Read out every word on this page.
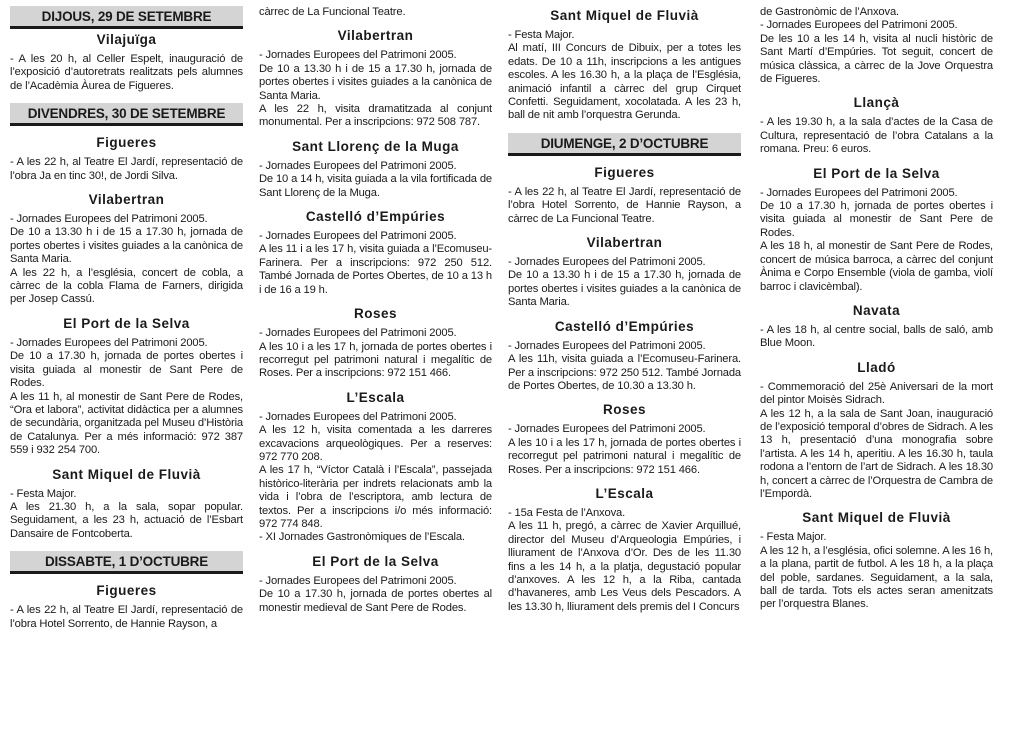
DIJOUS, 29 DE SETEMBRE
Vilajuïga

- A les 20 h, al Celler Espelt, inauguració de l’exposició d’autoretrats realitzats pels alumnes de l’Acadèmia Àurea de Figueres.

DIVENDRES, 30 DE SETEMBRE
Figueres

- A les 22 h, al Teatre El Jardí, representació de l’obra Ja en tinc 30!, de Jordi Silva.

Vilabertran

- Jornades Europees del Patrimoni 2005.
De 10 a 13.30 h i de 15 a 17.30 h, jornada de portes obertes i visites guiades a la canònica de Santa Maria.
A les 22 h, a l’església, concert de cobla, a càrrec de la cobla Flama de Farners, dirigida per Josep Cassú.

El Port de la Selva

- Jornades Europees del Patrimoni 2005.
De 10 a 17.30 h, jornada de portes obertes i visita guiada al monestir de Sant Pere de Rodes.
A les 11 h, al monestir de Sant Pere de Rodes, “Ora et labora”, activitat didàctica per a alumnes de secundària, organitzada pel Museu d’Història de Catalunya. Per a més informació: 972 387 559 i 932 254 700.

Sant Miquel de Fluvià

- Festa Major.
A les 21.30 h, a la sala, sopar popular. Seguidament, a les 23 h, actuació de l’Esbart Dansaire de Fontcoberta.

DISSABTE, 1 D’OCTUBRE
Figueres

- A les 22 h, al Teatre El Jardí, representació de l’obra Hotel Sorrento, de Hannie Rayson, a

càrrec de La Funcional Teatre.

Vilabertran

- Jornades Europees del Patrimoni 2005.
De 10 a 13.30 h i de 15 a 17.30 h, jornada de portes obertes i visites guiades a la canònica de Santa Maria.
A les 22 h, visita dramatitzada al conjunt monumental. Per a inscripcions: 972 508 787.

Sant Llorenç de la Muga

- Jornades Europees del Patrimoni 2005.
De 10 a 14 h, visita guiada a la vila fortificada de Sant Llorenç de la Muga.

Castelló d’Empúries

- Jornades Europees del Patrimoni 2005.
A les 11 i a les 17 h, visita guiada a l’Ecomuseu-Farinera. Per a inscripcions: 972 250 512. També Jornada de Portes Obertes, de 10 a 13 h i de 16 a 19 h.

Roses

- Jornades Europees del Patrimoni 2005.
A les 10 i a les 17 h, jornada de portes obertes i recorregut pel patrimoni natural i megalític de Roses. Per a inscripcions: 972 151 466.

L’Escala

- Jornades Europees del Patrimoni 2005.
A les 12 h, visita comentada a les darreres excavacions arqueològiques. Per a reserves: 972 770 208.
A les 17 h, “Víctor Català i l’Escala”, passejada històrico-literària per indrets relacionats amb la vida i l’obra de l’escriptora, amb lectura de textos. Per a inscripcions i/o més informació: 972 774 848.
- XI Jornades Gastronòmiques de l’Escala.

El Port de la Selva

- Jornades Europees del Patrimoni 2005.
De 10 a 17.30 h, jornada de portes obertes al monestir medieval de Sant Pere de Rodes.

Sant Miquel de Fluvià

- Festa Major.
Al matí, III Concurs de Dibuix, per a totes les edats. De 10 a 11h, inscripcions a les antigues escoles. A les 16.30 h, a la plaça de l’Església, animació infantil a càrrec del grup Cirquet Confetti. Seguidament, xocolatada. A les 23 h, ball de nit amb l’orquestra Gerunda.

DIUMENGE, 2 D’OCTUBRE
Figueres

- A les 22 h, al Teatre El Jardí, representació de l’obra Hotel Sorrento, de Hannie Rayson, a càrrec de La Funcional Teatre.

Vilabertran

- Jornades Europees del Patrimoni 2005.
De 10 a 13.30 h i de 15 a 17.30 h, jornada de portes obertes i visites guiades a la canònica de Santa Maria.

Castelló d’Empúries

- Jornades Europees del Patrimoni 2005.
A les 11h, visita guiada a l’Ecomuseu-Farinera. Per a inscripcions: 972 250 512. També Jornada de Portes Obertes, de 10.30 a 13.30 h.

Roses

- Jornades Europees del Patrimoni 2005.
A les 10 i a les 17 h, jornada de portes obertes i recorregut pel patrimoni natural i megalític de Roses. Per a inscripcions: 972 151 466.

L’Escala

- 15a Festa de l’Anxova.
A les 11 h, pregó, a càrrec de Xavier Arquillué, director del Museu d’Arqueologia Empúries, i lliurament de l’Anxova d’Or. Des de les 11.30 fins a les 14 h, a la platja, degustació popular d’anxoves. A les 12 h, a la Riba, cantada d’havaneres, amb Les Veus dels Pescadors. A les 13.30 h, lliurament dels premis del I Concurs

de Gastronòmic de l’Anxova.
- Jornades Europees del Patrimoni 2005.
De les 10 a les 14 h, visita al nucli històric de Sant Martí d’Empúries. Tot seguit, concert de música clàssica, a càrrec de la Jove Orquestra de Figueres.

Llançà

- A les 19.30 h, a la sala d’actes de la Casa de Cultura, representació de l’obra Catalans a la romana. Preu: 6 euros.

El Port de la Selva

- Jornades Europees del Patrimoni 2005.
De 10 a 17.30 h, jornada de portes obertes i visita guiada al monestir de Sant Pere de Rodes.
A les 18 h, al monestir de Sant Pere de Rodes, concert de música barroca, a càrrec del conjunt Ànima e Corpo Ensemble (viola de gamba, violí barroc i clavicèmbal).

Navata

- A les 18 h, al centre social, balls de saló, amb Blue Moon.

Lladó

- Commemoració del 25è Aniversari de la mort del pintor Moisès Sidrach.
A les 12 h, a la sala de Sant Joan, inauguració de l’exposició temporal d’obres de Sidrach. A les 13 h, presentació d’una monografia sobre l’artista. A les 14 h, aperitiu. A les 16.30 h, taula rodona a l’entorn de l’art de Sidrach. A les 18.30 h, concert a càrrec de l’Orquestra de Cambra de l’Empordà.

Sant Miquel de Fluvià

- Festa Major.
A les 12 h, a l’església, ofici solemne. A les 16 h, a la plana, partit de futbol. A les 18 h, a la plaça del poble, sardanes. Seguidament, a la sala, ball de tarda. Tots els actes seran amenitzats per l’orquestra Blanes.
